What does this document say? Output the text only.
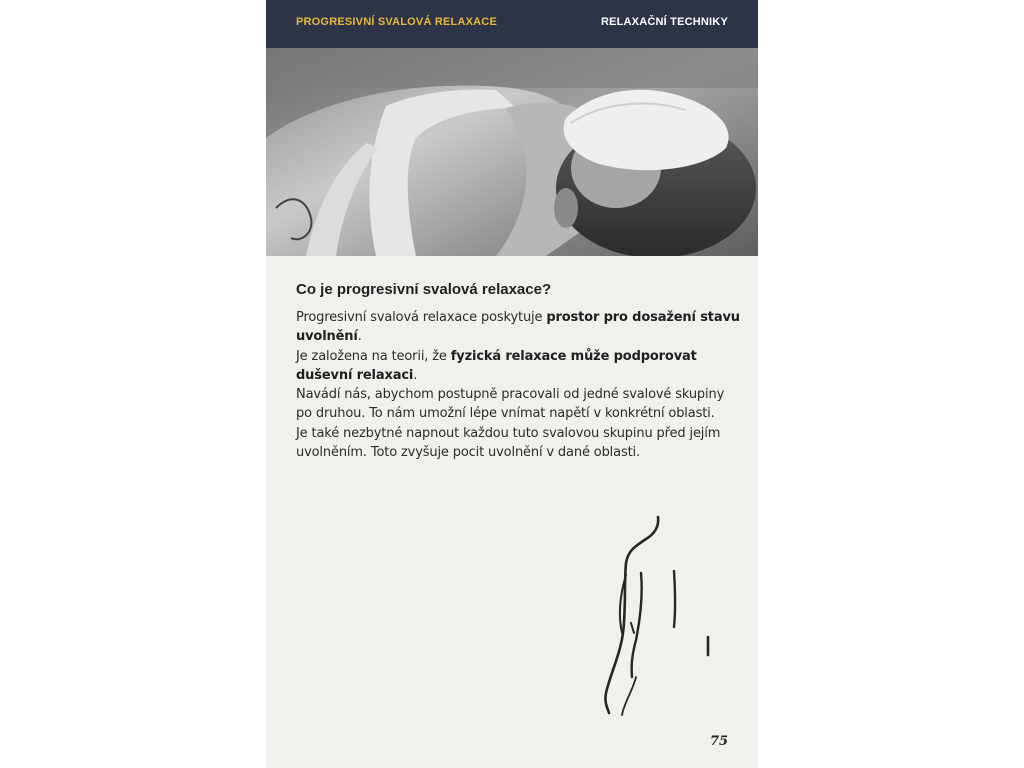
PROGRESIVNÍ SVALOVÁ RELAXACE	RELAXAČNÍ TECHNIKY
Co je progresivní svalová relaxace?

Progresivní svalová relaxace poskytuje prostor pro dosažení stavu uvolnění.
Je založena na teorii, že fyzická relaxace může podporovat duševní relaxaci.
Navádí nás, abychom postupně pracovali od jedné svalové skupiny po druhou. To nám umožní lépe vnímat napětí v konkrétní oblasti.
Je také nezbytné napnout každou tuto svalovou skupinu před jejím uvolněním. Toto zvyšuje pocit uvolnění v dané oblasti.

75
